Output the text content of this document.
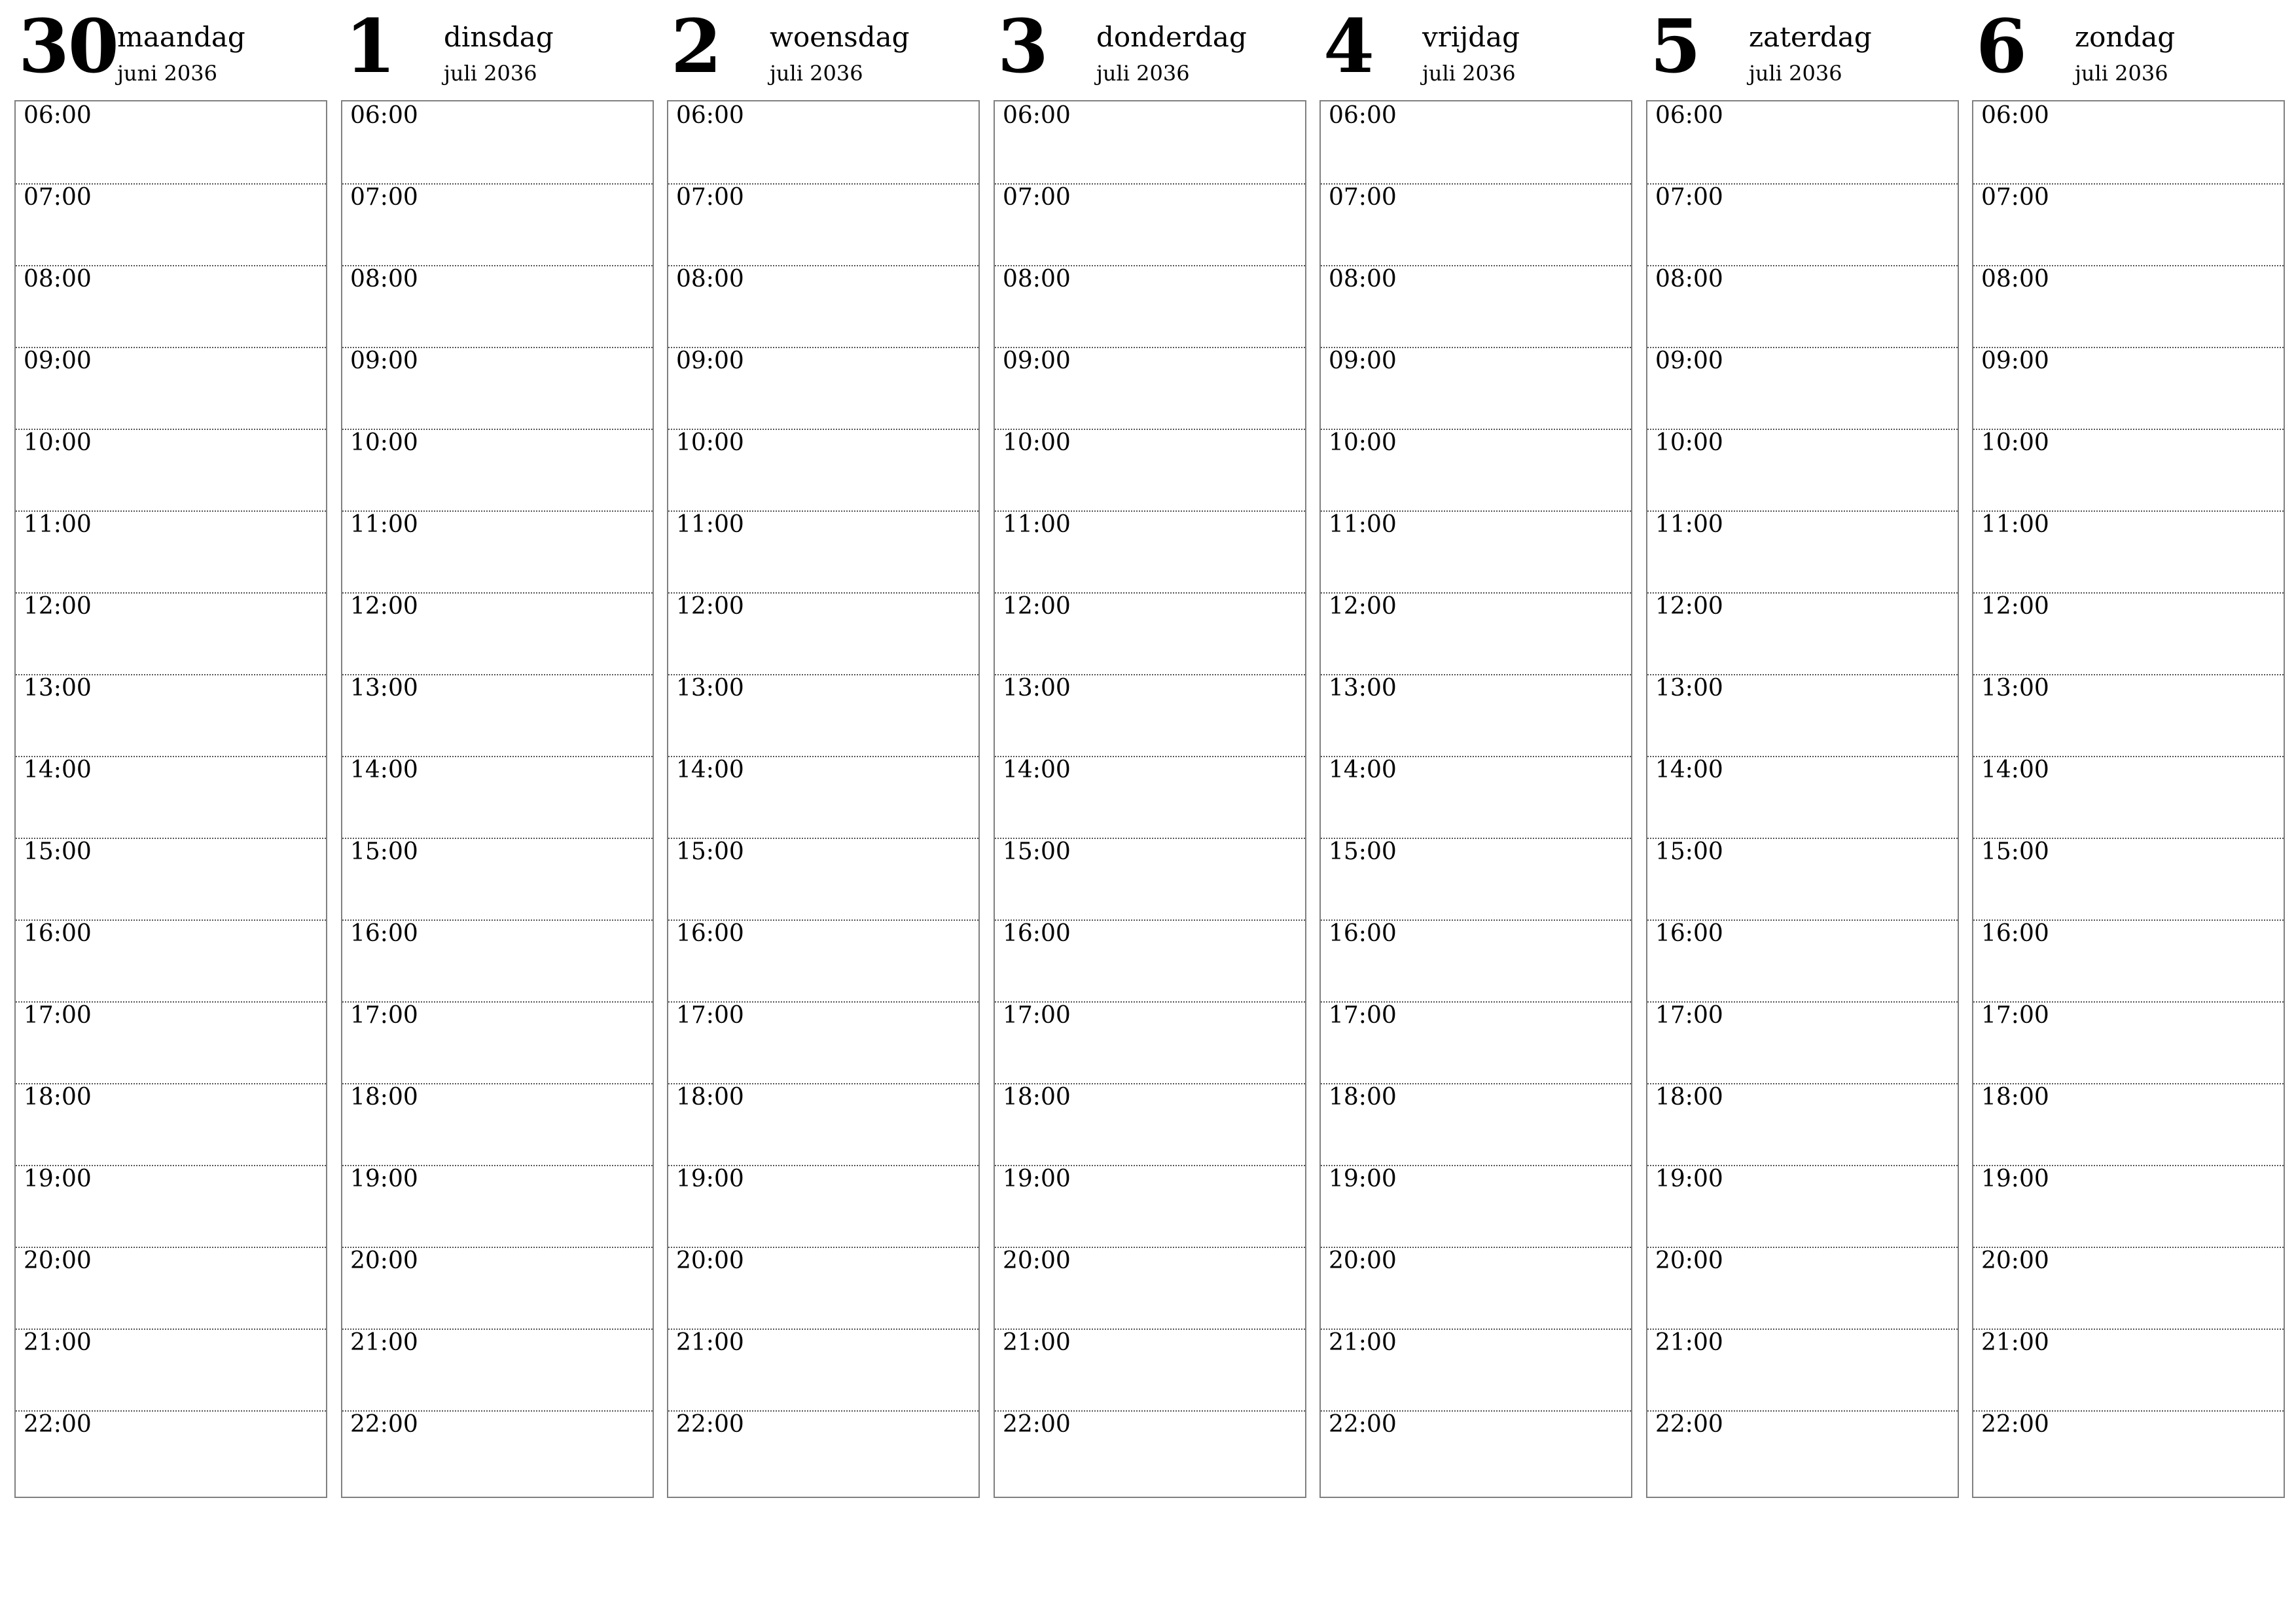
30 maandag
juni 2036
06:00
07:00
08:00
09:00
10:00
11:00
12:00
13:00
14:00
15:00
16:00
17:00
18:00
19:00
20:00
21:00
22:00
1 dinsdag
juli 2036
06:00
07:00
08:00
09:00
10:00
11:00
12:00
13:00
14:00
15:00
16:00
17:00
18:00
19:00
20:00
21:00
22:00
2 woensdag
juli 2036
06:00
07:00
08:00
09:00
10:00
11:00
12:00
13:00
14:00
15:00
16:00
17:00
18:00
19:00
20:00
21:00
22:00
3 donderdag
juli 2036
06:00
07:00
08:00
09:00
10:00
11:00
12:00
13:00
14:00
15:00
16:00
17:00
18:00
19:00
20:00
21:00
22:00
4 vrijdag
juli 2036
06:00
07:00
08:00
09:00
10:00
11:00
12:00
13:00
14:00
15:00
16:00
17:00
18:00
19:00
20:00
21:00
22:00
5 zaterdag
juli 2036
06:00
07:00
08:00
09:00
10:00
11:00
12:00
13:00
14:00
15:00
16:00
17:00
18:00
19:00
20:00
21:00
22:00
6 zondag
juli 2036
06:00
07:00
08:00
09:00
10:00
11:00
12:00
13:00
14:00
15:00
16:00
17:00
18:00
19:00
20:00
21:00
22:00
